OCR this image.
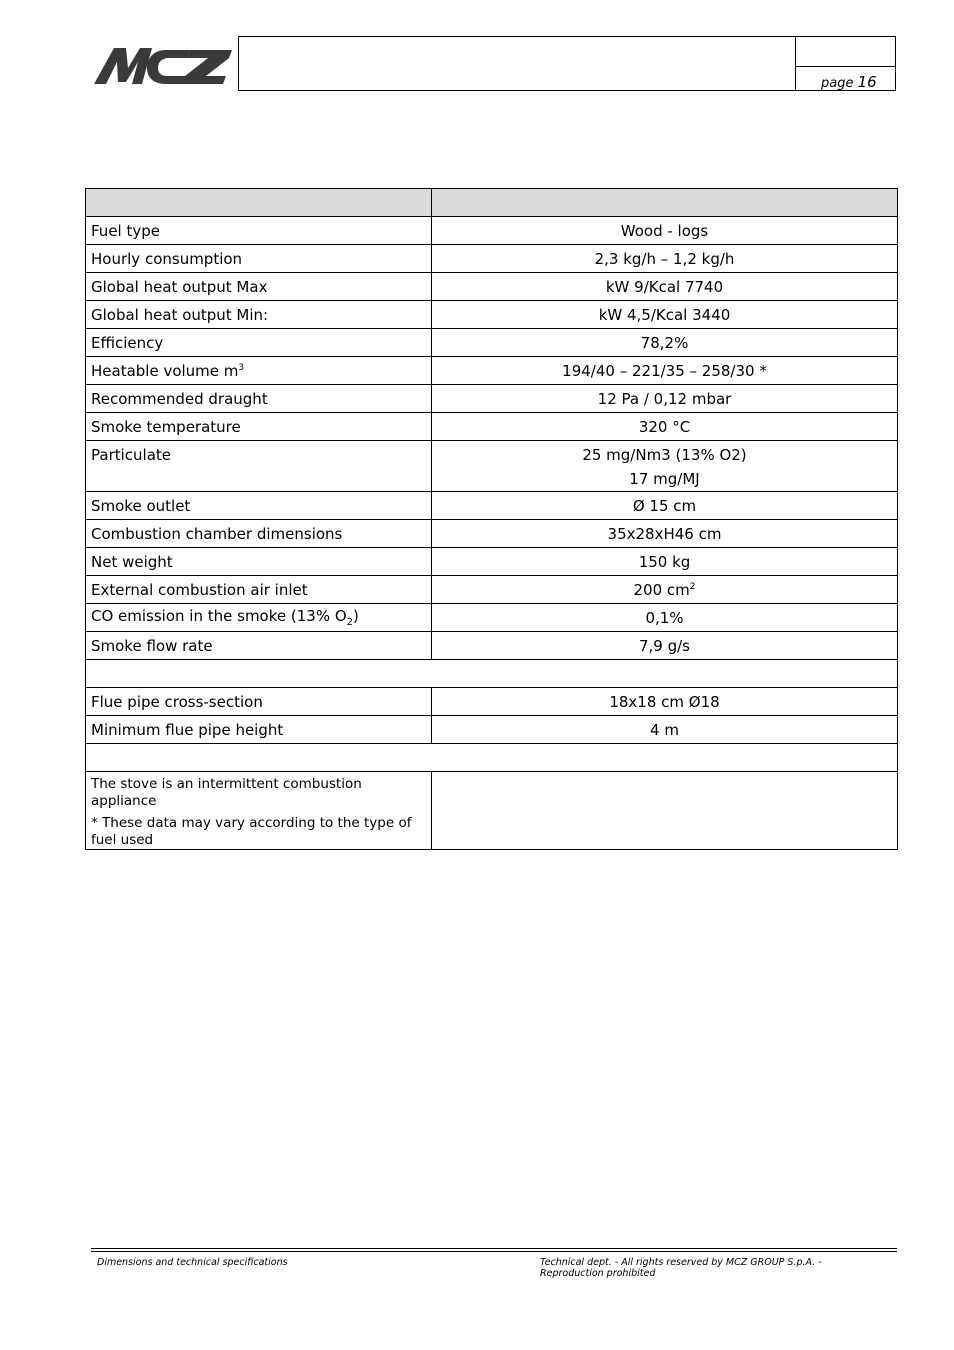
page 16

Fuel type	Wood - logs
Hourly consumption	2,3 kg/h – 1,2 kg/h
Global heat output Max	kW 9/Kcal 7740
Global heat output Min:	kW 4,5/Kcal 3440
Efficiency	78,2%
Heatable volume $m^3$	194/40 – 221/35 – 258/30 *
Recommended draught	12 Pa / 0,12 mbar
Smoke temperature	320 °C
Particulate	25 mg/Nm3 (13% O2)
17 mg/MJ
Smoke outlet	Ø 15 cm
Combustion chamber dimensions	35x28xH46 cm
Net weight	150 kg
External combustion air inlet	200 $cm^2$
CO emission in the smoke (13% $O_2$)	0,1%
Smoke flow rate	7,9 g/s

Flue pipe cross-section	18x18 cm Ø18
Minimum flue pipe height	4 m

The stove is an intermittent combustion appliance
* These data may vary according to the type of fuel used	

Dimensions and technical specifications	Technical dept. - All rights reserved by MCZ GROUP S.p.A. - Reproduction prohibited
